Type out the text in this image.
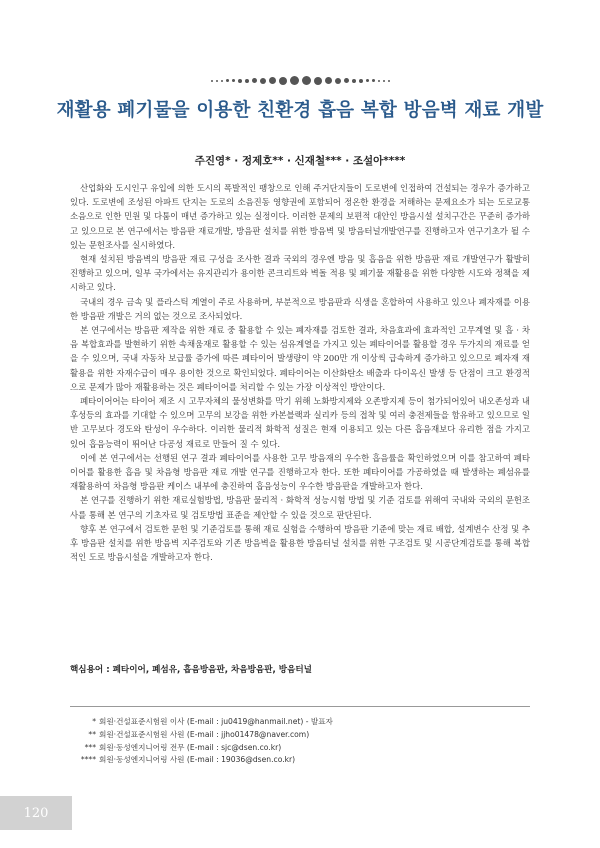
재활용 폐기물을 이용한 친환경 흡음 복합 방음벽 재료 개발
주진영* · 정제호** · 신재철*** · 조설아****

산업화와 도시인구 유입에 의한 도시의 폭발적인 팽창으로 인해 주거단지들이 도로변에 인접하여 건설되는 경우가 증가하고 있다. 도로변에 조성된 아파트 단지는 도로의 소음진동 영향권에 포함되어 정온한 환경을 저해하는 문제요소가 되는 도로교통 소음으로 인한 민원 및 다툼이 매년 증가하고 있는 실정이다. 이러한 문제의 보편적 대안인 방음시설 설치구간은 꾸준히 증가하고 있으므로 본 연구에서는 방음판 재료개발, 방음판 설치를 위한 방음벽 및 방음터널개발연구를 진행하고자 연구기초가 될 수 있는 문헌조사를 실시하였다.

현재 설치된 방음벽의 방음판 재료 구성을 조사한 결과 국외의 경우엔 방음 및 흡음을 위한 방음판 재료 개발연구가 활발히 진행하고 있으며, 일부 국가에서는 유지관리가 용이한 콘크리트와 벽돌 적용 및 폐기물 재활용을 위한 다양한 시도와 정책을 제시하고 있다.

국내의 경우 금속 및 플라스틱 계열이 주로 사용하며, 부분적으로 방음판과 식생을 혼합하여 사용하고 있으나 폐자재를 이용한 방음판 개발은 거의 없는 것으로 조사되었다.

본 연구에서는 방음판 제작을 위한 재료 중 활용할 수 있는 폐자재를 검토한 결과, 차음효과에 효과적인 고무계열 및 흡 · 차음 복합효과를 발현하기 위한 속채움재로 활용할 수 있는 섬유계열을 가지고 있는 폐타이어를 활용할 경우 두가지의 재료를 얻을 수 있으며, 국내 자동차 보급률 증가에 따른 폐타이어 발생량이 약 200만 개 이상씩 급속하게 증가하고 있으므로 폐자재 재활용을 위한 자재수급이 매우 용이한 것으로 확인되었다. 폐타이어는 이산화탄소 배출과 다이옥신 발생 등 단점이 크고 환경적으로 문제가 많아 재활용하는 것은 폐타이어를 처리할 수 있는 가장 이상적인 방안이다.

폐타이어어는 타이어 제조 시 고무자체의 물성변화를 막기 위해 노화방지제와 오존방지제 등이 첨가되어있어 내오존성과 내후성등의 효과를 기대할 수 있으며 고무의 보강을 위한 카본블랙과 실리카 등의 접착 및 여러 충전제들을 함유하고 있으므로 일반 고무보다 경도와 탄성이 우수하다. 이러한 물리적 화학적 성질은 현재 이용되고 있는 다른 흡음재보다 유리한 점을 가지고 있어 흡음능력이 뛰어난 다공성 재료로 만들어 질 수 있다.

이에 본 연구에서는 선행된 연구 결과 폐타이어를 사용한 고무 방음재의 우수한 흡음률을 확인하였으며 이를 참고하여 폐타이어를 활용한 흡음 및 차음형 방음판 재료 개발 연구를 진행하고자 한다. 또한 폐타이어를 가공하였을 때 발생하는 폐섬유를 재활용하여 차음형 방음판 케이스 내부에 충진하여 흡음성능이 우수한 방음판을 개발하고자 한다.

본 연구를 진행하기 위한 재료실험방법, 방음판 물리적 · 화학적 성능시험 방법 및 기준 검토를 위해여 국내와 국외의 문헌조사를 통해 본 연구의 기초자료 및 검토방법 표준을 제안할 수 있을 것으로 판단된다.

향후 본 연구에서 검토한 문헌 및 기준검토를 통해 재료 실험을 수행하여 방음판 기준에 맞는 재료 배합, 설계변수 산정 및 추후 방음판 설치를 위한 방음벽 지주검토와 기존 방음벽을 활용한 방음터널 설치를 위한 구조검토 및 시공단계검토를 통해 복합적인 도로 방음시설을 개발하고자 한다.

핵심용어 : 폐타이어, 폐섬유, 흡음방음판, 차음방음판, 방음터널
* 회원·건설표준시험원 이사 (E-mail : ju0419@hanmail.net) - 발표자
** 회원·건설표준시험원 사원 (E-mail : jjho01478@naver.com)
*** 회원·동성엔지니어링 전무 (E-mail : sjc@dsen.co.kr)
**** 회원·동성엔지니어링 사원 (E-mail : 19036@dsen.co.kr)
120
